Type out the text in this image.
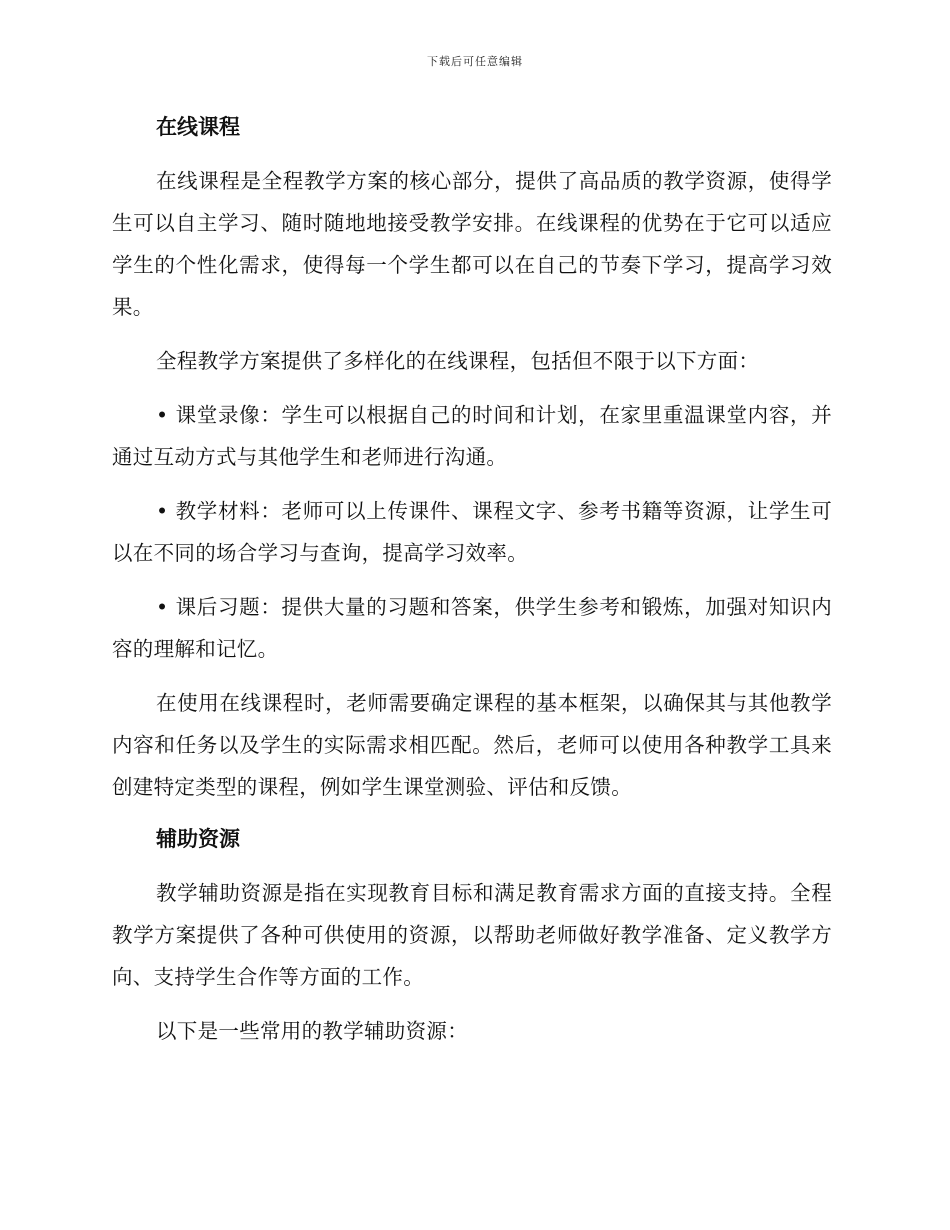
下载后可任意编辑
在线课程

在线课程是全程教学方案的核心部分，提供了高品质的教学资源，使得学生可以自主学习、随时随地地接受教学安排。在线课程的优势在于它可以适应学生的个性化需求，使得每一个学生都可以在自己的节奏下学习，提高学习效果。

全程教学方案提供了多样化的在线课程，包括但不限于以下方面：

• 课堂录像：学生可以根据自己的时间和计划，在家里重温课堂内容，并通过互动方式与其他学生和老师进行沟通。

• 教学材料：老师可以上传课件、课程文字、参考书籍等资源，让学生可以在不同的场合学习与查询，提高学习效率。

• 课后习题：提供大量的习题和答案，供学生参考和锻炼，加强对知识内容的理解和记忆。

在使用在线课程时，老师需要确定课程的基本框架，以确保其与其他教学内容和任务以及学生的实际需求相匹配。然后，老师可以使用各种教学工具来创建特定类型的课程，例如学生课堂测验、评估和反馈。

辅助资源

教学辅助资源是指在实现教育目标和满足教育需求方面的直接支持。全程教学方案提供了各种可供使用的资源，以帮助老师做好教学准备、定义教学方向、支持学生合作等方面的工作。

以下是一些常用的教学辅助资源：
